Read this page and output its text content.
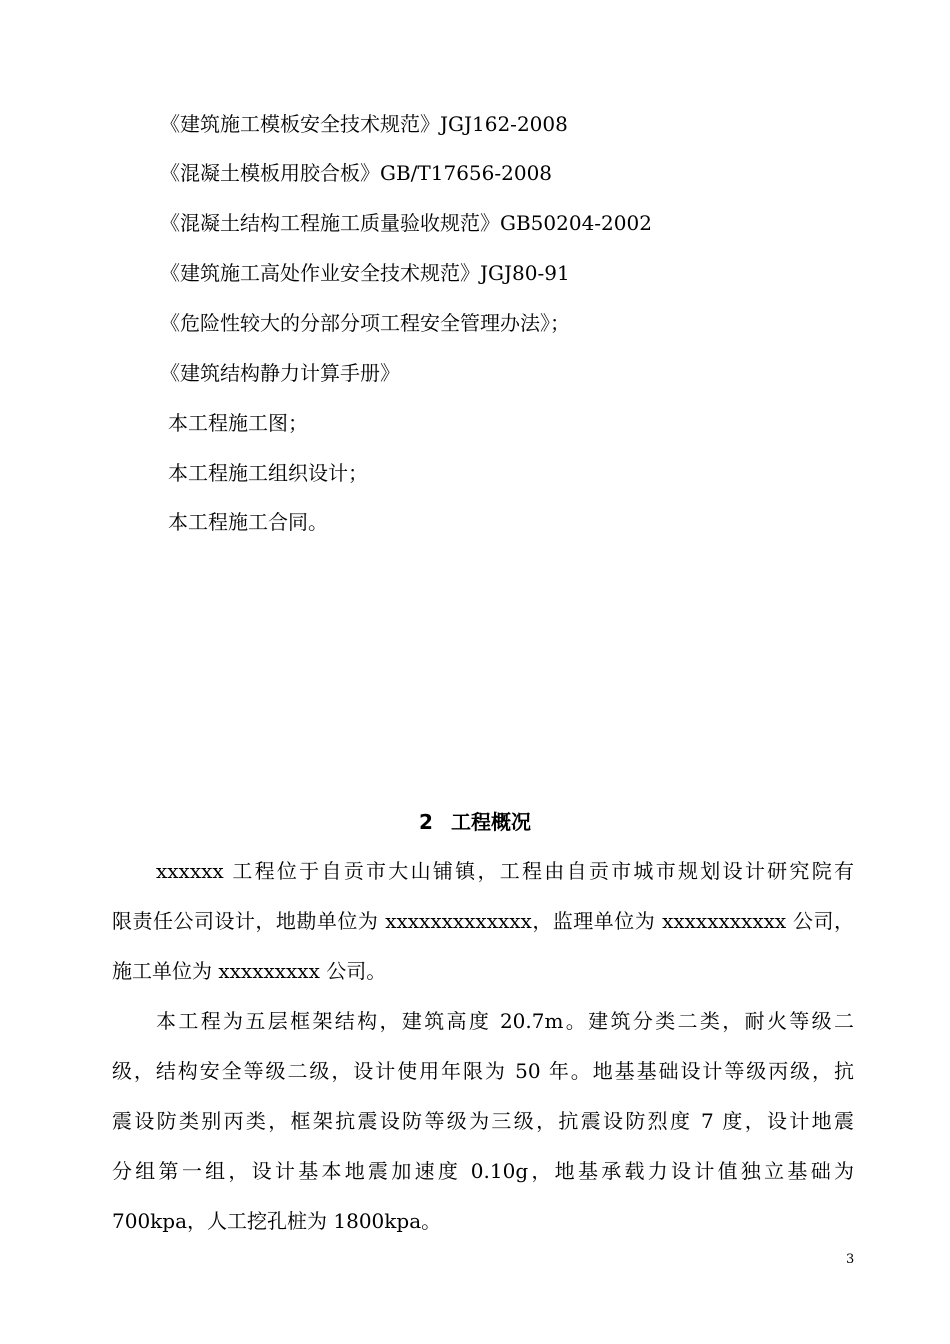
《建筑施工模板安全技术规范》JGJ162-2008
《混凝土模板用胶合板》GB/T17656-2008
《混凝土结构工程施工质量验收规范》GB50204-2002
《建筑施工高处作业安全技术规范》JGJ80-91
《危险性较大的分部分项工程安全管理办法》；
《建筑结构静力计算手册》
本工程施工图；
本工程施工组织设计；
本工程施工合同。
2 工程概况
xxxxxx 工程位于自贡市大山铺镇，工程由自贡市城市规划设计研究院有
限责任公司设计，地勘单位为 xxxxxxxxxxxxx，监理单位为 xxxxxxxxxxx 公司，
施工单位为 xxxxxxxxx 公司。
本工程为五层框架结构，建筑高度 20.7m。建筑分类二类，耐火等级二
级，结构安全等级二级，设计使用年限为 50 年。地基基础设计等级丙级，抗
震设防类别丙类，框架抗震设防等级为三级，抗震设防烈度 7 度，设计地震
分组第一组，设计基本地震加速度 0.10g，地基承载力设计值独立基础为
700kpa，人工挖孔桩为 1800kpa。
3
